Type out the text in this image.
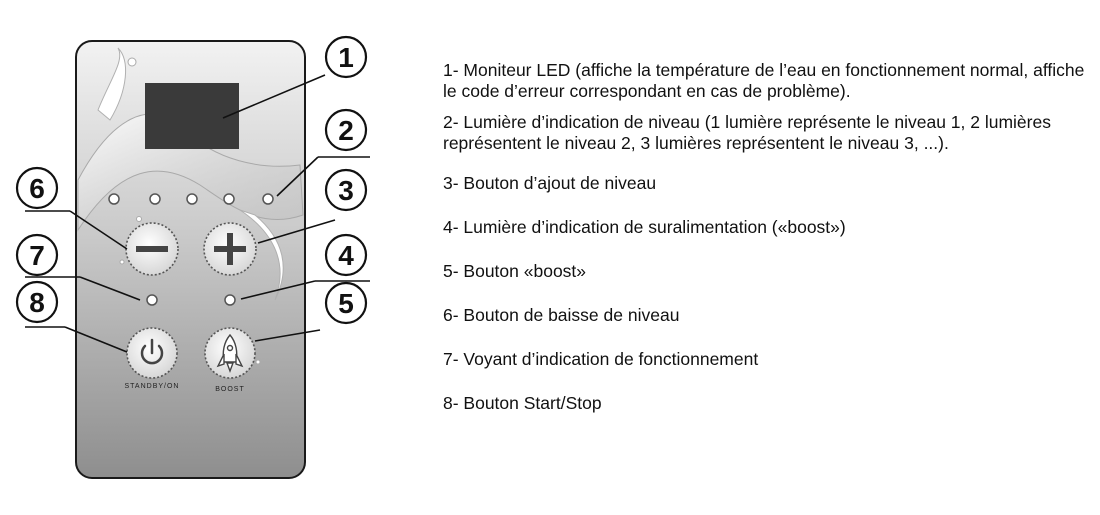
STANDBY/ON	BOOST
1
2
3
4
5
6
7
8
1- Moniteur LED (affiche la température de l’eau en fonctionnement normal, affiche le code d’erreur correspondant en cas de problème).
2- Lumière d’indication de niveau (1 lumière représente le niveau 1, 2 lumières représentent le niveau 2, 3 lumières représentent le niveau 3, ...).
3- Bouton d’ajout de niveau
4- Lumière d’indication de suralimentation («boost»)
5- Bouton «boost»
6- Bouton de baisse de niveau
7- Voyant d’indication de fonctionnement
8- Bouton Start/Stop
